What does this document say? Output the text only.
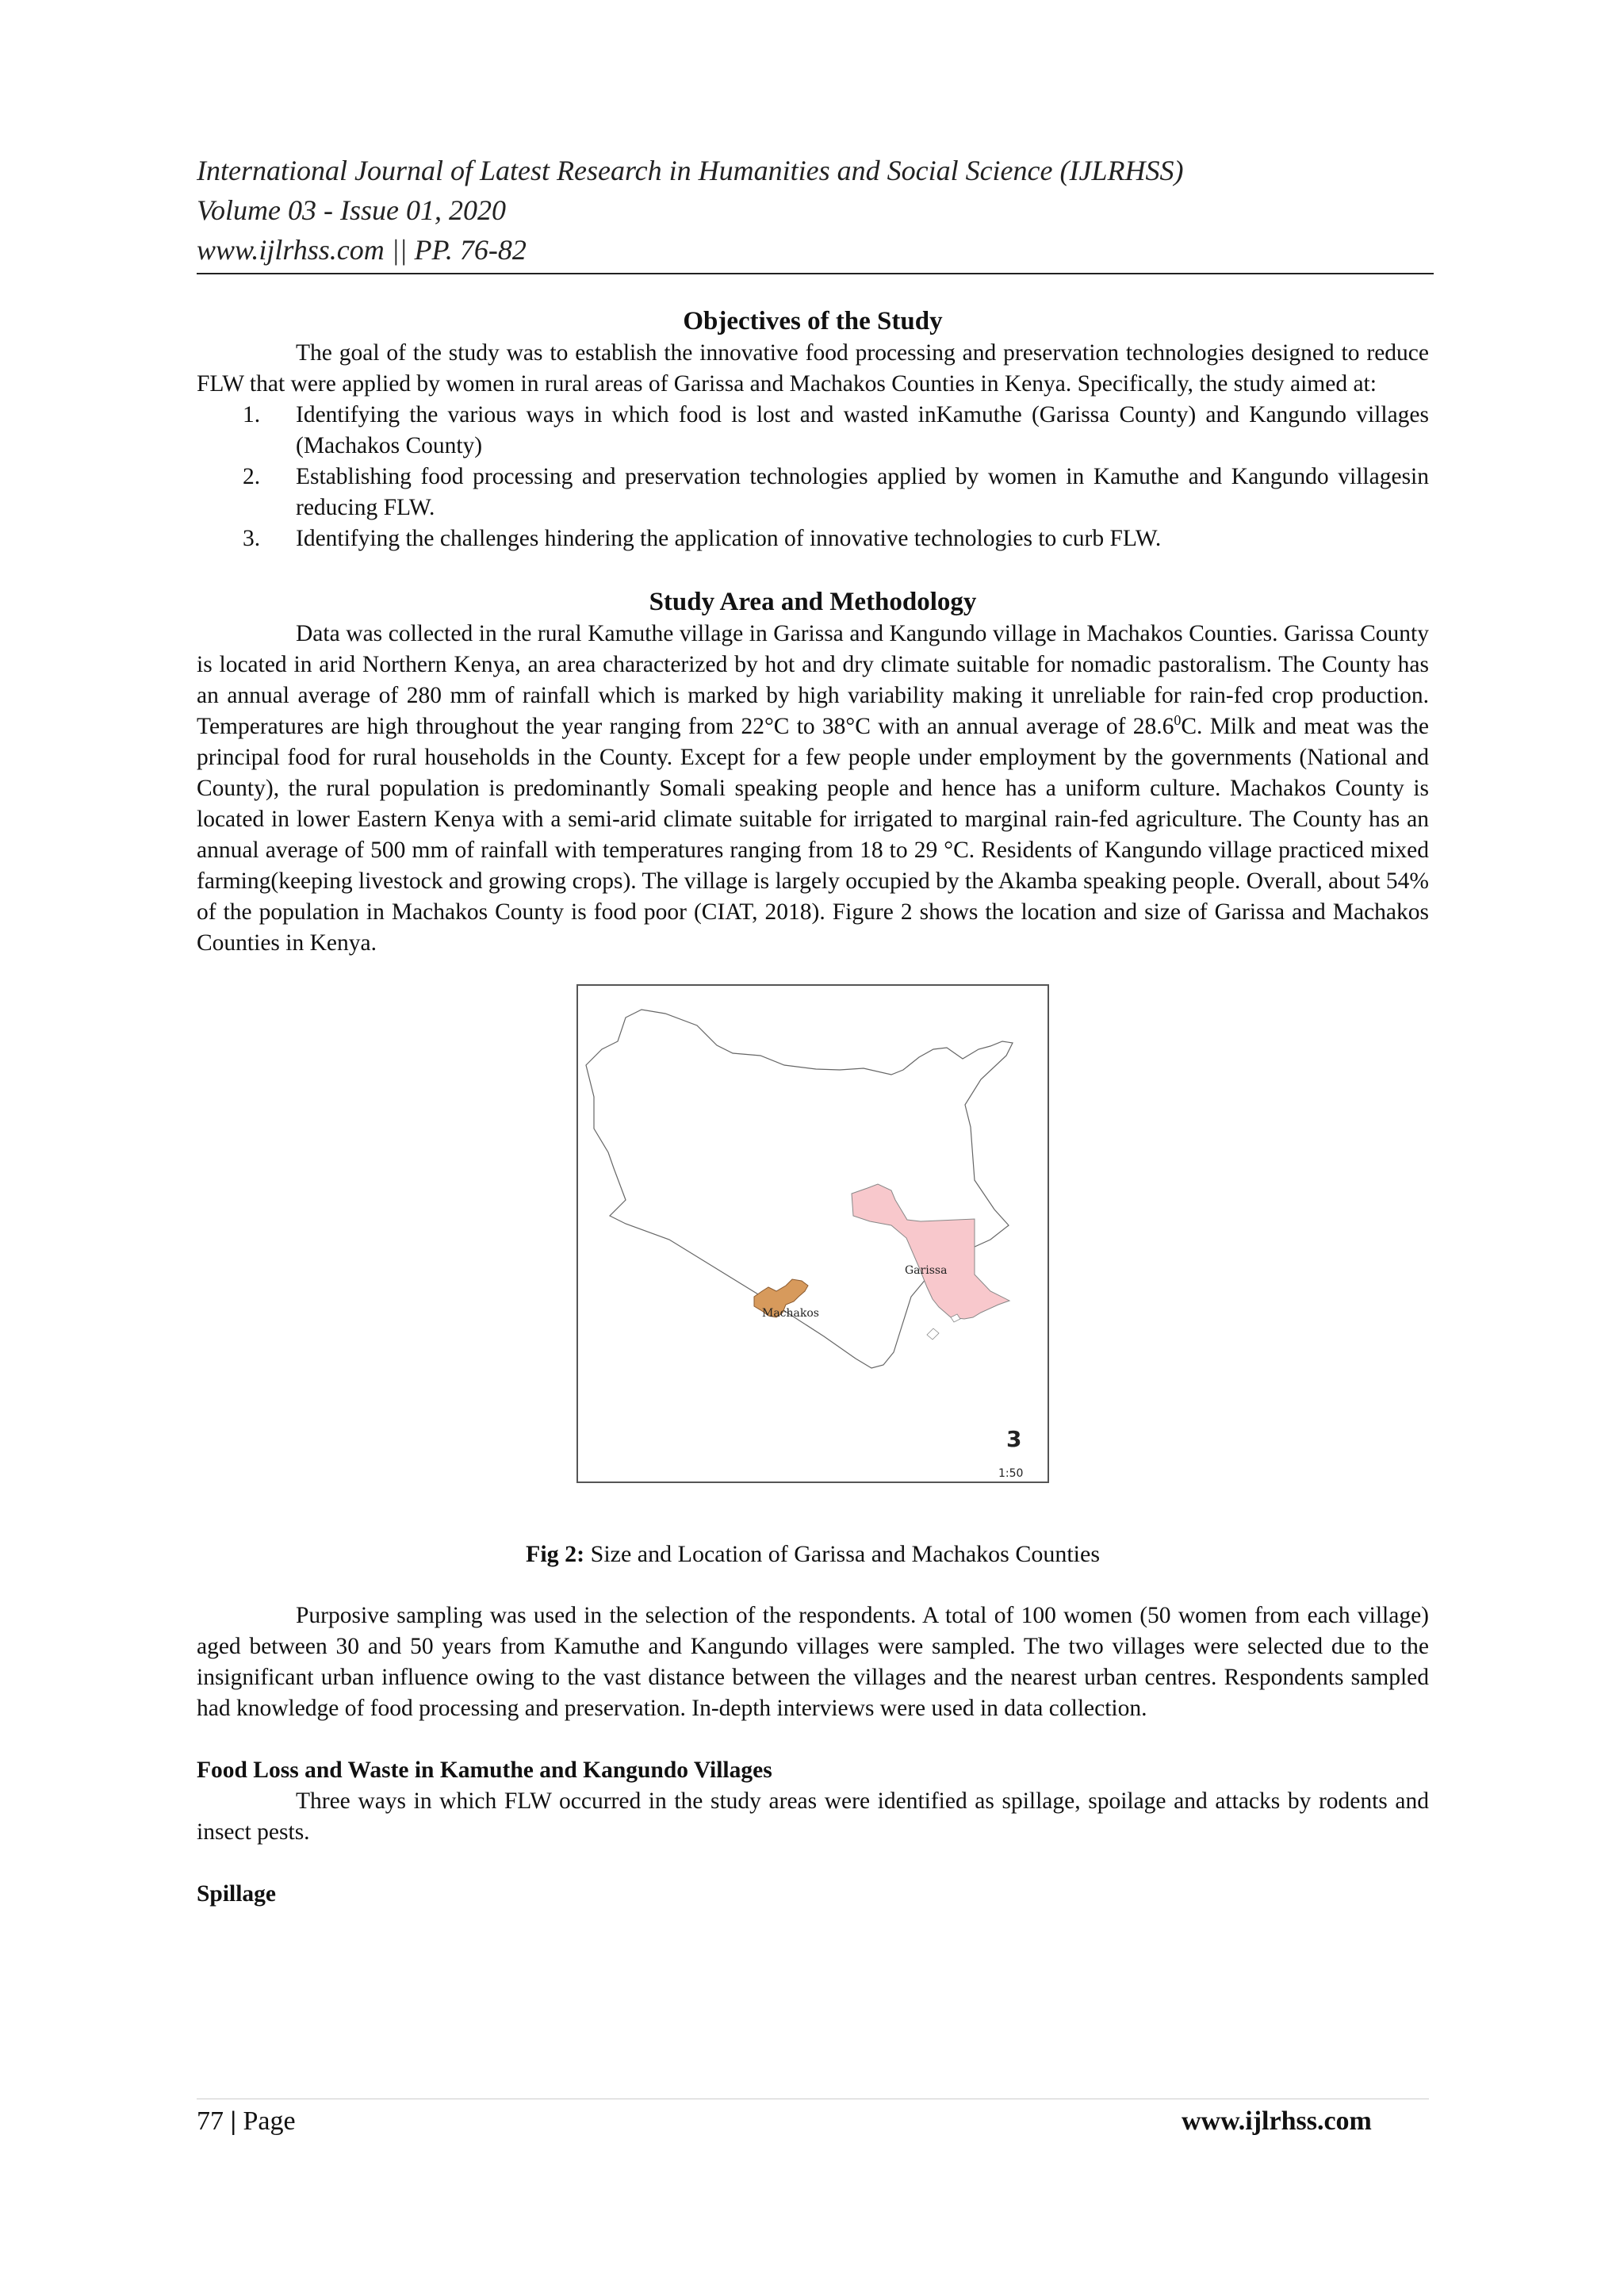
International Journal of Latest Research in Humanities and Social Science (IJLRHSS)
Volume 03 - Issue 01, 2020
www.ijlrhss.com || PP. 76-82
Objectives of the Study

The goal of the study was to establish the innovative food processing and preservation technologies designed to reduce FLW that were applied by women in rural areas of Garissa and Machakos Counties in Kenya. Specifically, the study aimed at:

1.	Identifying the various ways in which food is lost and wasted inKamuthe (Garissa County) and Kangundo villages (Machakos County)
2.	Establishing food processing and preservation technologies applied by women in Kamuthe and Kangundo villagesin reducing FLW.
3.	Identifying the challenges hindering the application of innovative technologies to curb FLW.
Study Area and Methodology

Data was collected in the rural Kamuthe village in Garissa and Kangundo village in Machakos Counties. Garissa County is located in arid Northern Kenya, an area characterized by hot and dry climate suitable for nomadic pastoralism. The County has an annual average of 280 mm of rainfall which is marked by high variability making it unreliable for rain-fed crop production. Temperatures are high throughout the year ranging from 22°C to 38°C with an annual average of 28.6$^0$C. Milk and meat was the principal food for rural households in the County. Except for a few people under employment by the governments (National and County), the rural population is predominantly Somali speaking people and hence has a uniform culture. Machakos County is located in lower Eastern Kenya with a semi-arid climate suitable for irrigated to marginal rain-fed agriculture. The County has an annual average of 500 mm of rainfall with temperatures ranging from 18 to 29 °C. Residents of Kangundo village practiced mixed farming(keeping livestock and growing crops). The village is largely occupied by the Akamba speaking people. Overall, about 54% of the population in Machakos County is food poor (CIAT, 2018). Figure 2 shows the location and size of Garissa and Machakos Counties in Kenya.

Garissa
Machakos
3
1:50

Fig 2: Size and Location of Garissa and Machakos Counties

Purposive sampling was used in the selection of the respondents. A total of 100 women (50 women from each village) aged between 30 and 50 years from Kamuthe and Kangundo villages were sampled. The two villages were selected due to the insignificant urban influence owing to the vast distance between the villages and the nearest urban centres. Respondents sampled had knowledge of food processing and preservation. In-depth interviews were used in data collection.

Food Loss and Waste in Kamuthe and Kangundo Villages

Three ways in which FLW occurred in the study areas were identified as spillage, spoilage and attacks by rodents and insect pests.

Spillage

77 | Page	www.ijlrhss.com
